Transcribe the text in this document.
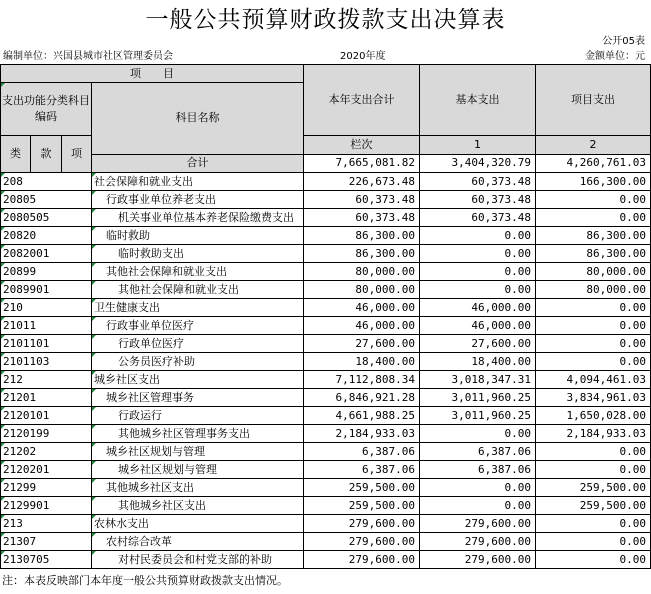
一般公共预算财政拨款支出决算表
公开05表
编制单位：兴国县城市社区管理委员会	2020年度	金额单位：元
项　　目				本年支出合计	基本支出	项目支出	
支出功能分类科目编码			科目名称				

类	款	项		栏次	1	2	
			合计	7,665,081.82	3,404,320.79	4,260,761.03	
208			社会保障和就业支出	226,673.48	60,373.48	166,300.00	
20805			行政事业单位养老支出	60,373.48	60,373.48	0.00	
2080505			机关事业单位基本养老保险缴费支出	60,373.48	60,373.48	0.00	
20820			临时救助	86,300.00	0.00	86,300.00	
2082001			临时救助支出	86,300.00	0.00	86,300.00	
20899			其他社会保障和就业支出	80,000.00	0.00	80,000.00	
2089901			其他社会保障和就业支出	80,000.00	0.00	80,000.00	
210			卫生健康支出	46,000.00	46,000.00	0.00	
21011			行政事业单位医疗	46,000.00	46,000.00	0.00	
2101101			行政单位医疗	27,600.00	27,600.00	0.00	
2101103			公务员医疗补助	18,400.00	18,400.00	0.00	
212			城乡社区支出	7,112,808.34	3,018,347.31	4,094,461.03	
21201			城乡社区管理事务	6,846,921.28	3,011,960.25	3,834,961.03	
2120101			行政运行	4,661,988.25	3,011,960.25	1,650,028.00	
2120199			其他城乡社区管理事务支出	2,184,933.03	0.00	2,184,933.03	
21202			城乡社区规划与管理	6,387.06	6,387.06	0.00	
2120201			城乡社区规划与管理	6,387.06	6,387.06	0.00	
21299			其他城乡社区支出	259,500.00	0.00	259,500.00	
2129901			其他城乡社区支出	259,500.00	0.00	259,500.00	
213			农林水支出	279,600.00	279,600.00	0.00	
21307			农村综合改革	279,600.00	279,600.00	0.00	
2130705			对村民委员会和村党支部的补助	279,600.00	279,600.00	0.00	
注：本表反映部门本年度一般公共预算财政拨款支出情况。
